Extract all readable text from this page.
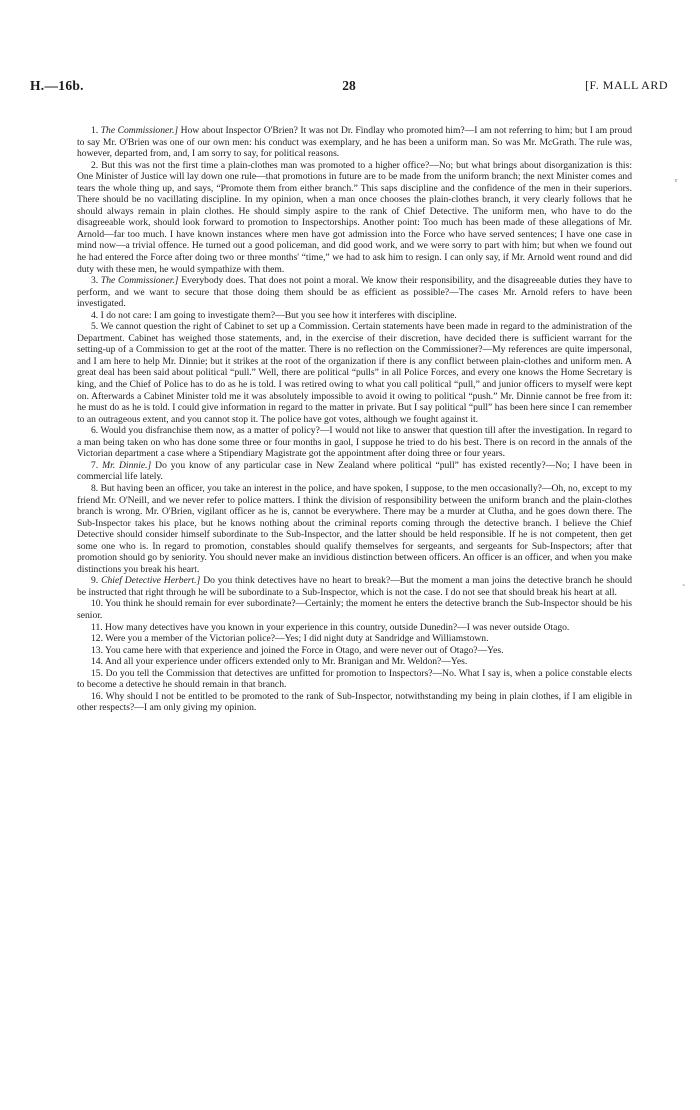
H.—16b.	28	[F. MALL ARD
ʳ
˴

1. The Commissioner.] How about Inspector O'Brien? It was not Dr. Findlay who promoted him?—I am not referring to him; but I am proud to say Mr. O'Brien was one of our own men: his conduct was exemplary, and he has been a uniform man. So was Mr. McGrath. The rule was, however, departed from, and, I am sorry to say, for political reasons.

2. But this was not the first time a plain-clothes man was promoted to a higher office?—No; but what brings about disorganization is this: One Minister of Justice will lay down one rule—that promotions in future are to be made from the uniform branch; the next Minister comes and tears the whole thing up, and says, “Promote them from either branch.” This saps discipline and the confidence of the men in their superiors. There should be no vacillating discipline. In my opinion, when a man once chooses the plain-clothes branch, it very clearly follows that he should always remain in plain clothes. He should simply aspire to the rank of Chief Detective. The uniform men, who have to do the disagreeable work, should look forward to promotion to Inspectorships. Another point: Too much has been made of these allegations of Mr. Arnold—far too much. I have known instances where men have got admission into the Force who have served sentences; I have one case in mind now—a trivial offence. He turned out a good policeman, and did good work, and we were sorry to part with him; but when we found out he had entered the Force after doing two or three months' “time,” we had to ask him to resign. I can only say, if Mr. Arnold went round and did duty with these men, he would sympathize with them.

3. The Commissioner.] Everybody does. That does not point a moral. We know their responsibility, and the disagreeable duties they have to perform, and we want to secure that those doing them should be as efficient as possible?—The cases Mr. Arnold refers to have been investigated.

4. I do not care: I am going to investigate them?—But you see how it interferes with discipline.

5. We cannot question the right of Cabinet to set up a Commission. Certain statements have been made in regard to the administration of the Department. Cabinet has weighed those statements, and, in the exercise of their discretion, have decided there is sufficient warrant for the setting-up of a Commission to get at the root of the matter. There is no reflection on the Commissioner?—My references are quite impersonal, and I am here to help Mr. Dinnie; but it strikes at the root of the organization if there is any conflict between plain-clothes and uniform men. A great deal has been said about political “pull.” Well, there are political “pulls” in all Police Forces, and every one knows the Home Secretary is king, and the Chief of Police has to do as he is told. I was retired owing to what you call political “pull,” and junior officers to myself were kept on. Afterwards a Cabinet Minister told me it was absolutely impossible to avoid it owing to political “push.” Mr. Dinnie cannot be free from it: he must do as he is told. I could give information in regard to the matter in private. But I say political “pull” has been here since I can remember to an outrageous extent, and you cannot stop it. The police have got votes, although we fought against it.

6. Would you disfranchise them now, as a matter of policy?—I would not like to answer that question till after the investigation. In regard to a man being taken on who has done some three or four months in gaol, I suppose he tried to do his best. There is on record in the annals of the Victorian department a case where a Stipendiary Magistrate got the appointment after doing three or four years.

7. Mr. Dinnie.] Do you know of any particular case in New Zealand where political “pull” has existed recently?—No; I have been in commercial life lately.

8. But having been an officer, you take an interest in the police, and have spoken, I suppose, to the men occasionally?—Oh, no, except to my friend Mr. O'Neill, and we never refer to police matters. I think the division of responsibility between the uniform branch and the plain-clothes branch is wrong. Mr. O'Brien, vigilant officer as he is, cannot be everywhere. There may be a murder at Clutha, and he goes down there. The Sub-Inspector takes his place, but he knows nothing about the criminal reports coming through the detective branch. I believe the Chief Detective should consider himself subordinate to the Sub-Inspector, and the latter should be held responsible. If he is not competent, then get some one who is. In regard to promotion, constables should qualify themselves for sergeants, and sergeants for Sub-Inspectors; after that promotion should go by seniority. You should never make an invidious distinction between officers. An officer is an officer, and when you make distinctions you break his heart.

9. Chief Detective Herbert.] Do you think detectives have no heart to break?—But the moment a man joins the detective branch he should be instructed that right through he will be subordinate to a Sub-Inspector, which is not the case. I do not see that should break his heart at all.

10. You think he should remain for ever subordinate?—Certainly; the moment he enters the detective branch the Sub-Inspector should be his senior.

11. How many detectives have you known in your experience in this country, outside Dunedin?—I was never outside Otago.

12. Were you a member of the Victorian police?—Yes; I did night duty at Sandridge and Williamstown.

13. You came here with that experience and joined the Force in Otago, and were never out of Otago?—Yes.

14. And all your experience under officers extended only to Mr. Branigan and Mr. Weldon?—Yes.

15. Do you tell the Commission that detectives are unfitted for promotion to Inspectors?—No. What I say is, when a police constable elects to become a detective he should remain in that branch.

16. Why should I not be entitled to be promoted to the rank of Sub-Inspector, notwithstanding my being in plain clothes, if I am eligible in other respects?—I am only giving my opinion.
